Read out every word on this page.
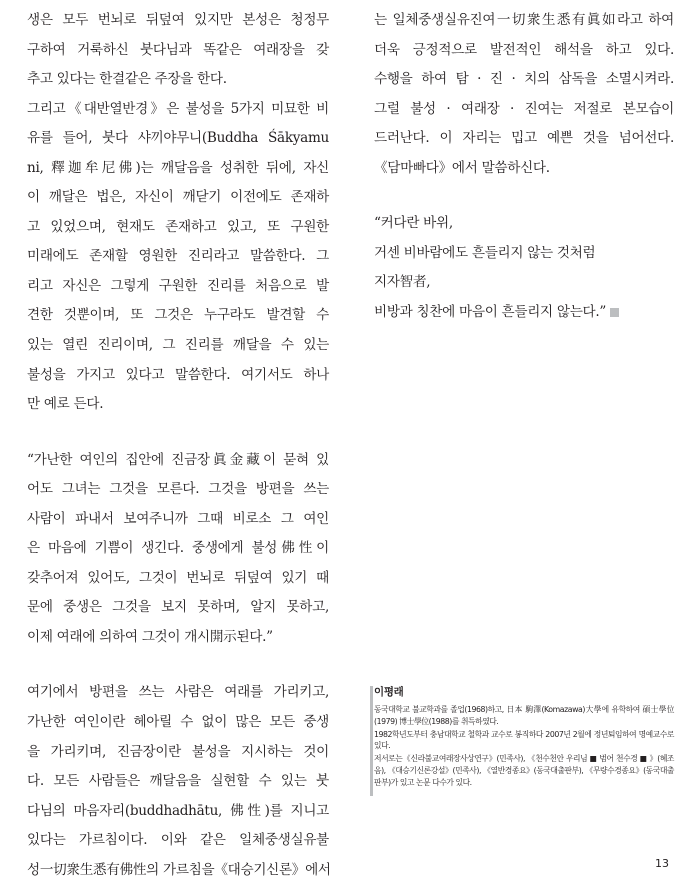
생은 모두 번뇌로 뒤덮여 있지만 본성은 청정무
구하여 거룩하신 붓다님과 똑같은 여래장을 갖
추고 있다는 한결같은 주장을 한다.
그리고《대반열반경》은 불성을 5가지 미묘한 비
유를 들어, 붓다 샤끼야무니(Buddha Śākyamu
ni, 釋迦牟尼佛)는 깨달음을 성취한 뒤에, 자신
이 깨달은 법은, 자신이 깨닫기 이전에도 존재하
고 있었으며, 현재도 존재하고 있고, 또 구원한
미래에도 존재할 영원한 진리라고 말씀한다. 그
리고 자신은 그렇게 구원한 진리를 처음으로 발
견한 것뿐이며, 또 그것은 누구라도 발견할 수
있는 열린 진리이며, 그 진리를 깨달을 수 있는
불성을 가지고 있다고 말씀한다. 여기서도 하나
만 예로 든다.
“가난한 여인의 집안에 진금장眞金藏이 묻혀 있
어도 그녀는 그것을 모른다. 그것을 방편을 쓰는
사람이 파내서 보여주니까 그때 비로소 그 여인
은 마음에 기쁨이 생긴다. 중생에게 불성佛性이
갖추어져 있어도, 그것이 번뇌로 뒤덮여 있기 때
문에 중생은 그것을 보지 못하며, 알지 못하고,
이제 여래에 의하여 그것이 개시開示된다.”
여기에서 방편을 쓰는 사람은 여래를 가리키고,
가난한 여인이란 헤아릴 수 없이 많은 모든 중생
을 가리키며, 진금장이란 불성을 지시하는 것이
다. 모든 사람들은 깨달음을 실현할 수 있는 붓
다님의 마음자리(buddhadhātu, 佛性)를 지니고
있다는 가르침이다. 이와 같은 일체중생실유불
성一切衆生悉有佛性의 가르침을《대승기신론》에서
는 일체중생실유진여一切衆生悉有眞如라고 하여
더욱 긍정적으로 발전적인 해석을 하고 있다.
수행을 하여 탐 · 진 · 치의 삼독을 소멸시켜라.
그럴 불성 · 여래장 · 진여는 저절로 본모습이
드러난다. 이 자리는 밉고 예쁜 것을 넘어선다.
《담마빠다》에서 말씀하신다.
“커다란 바위,
거센 비바람에도 흔들리지 않는 것처럼
지자智者,
비방과 칭찬에 마음이 흔들리지 않는다.”

이평래

동국대학교 불교학과를 졸업(1968)하고, 日本 駒澤(Komazawa)大學에 유학하여 碩士學位(1979) 博士學位(1988)를 취득하였다.

1982학년도부터 충남대학교 철학과 교수로 봉직하다 2007년 2월에 정년퇴임하여 명예교수로 있다.

저서로는《신라불교여래장사상연구》(민족사), 《천수천안 우리님 ■ 범어 천수경 ■ 》(혜조음), 《대승기신론강설》(민족사), 《열반경종요》(동국대출판부), 《무량수경종요》(동국대출판부)가 있고 논문 다수가 있다.

13
